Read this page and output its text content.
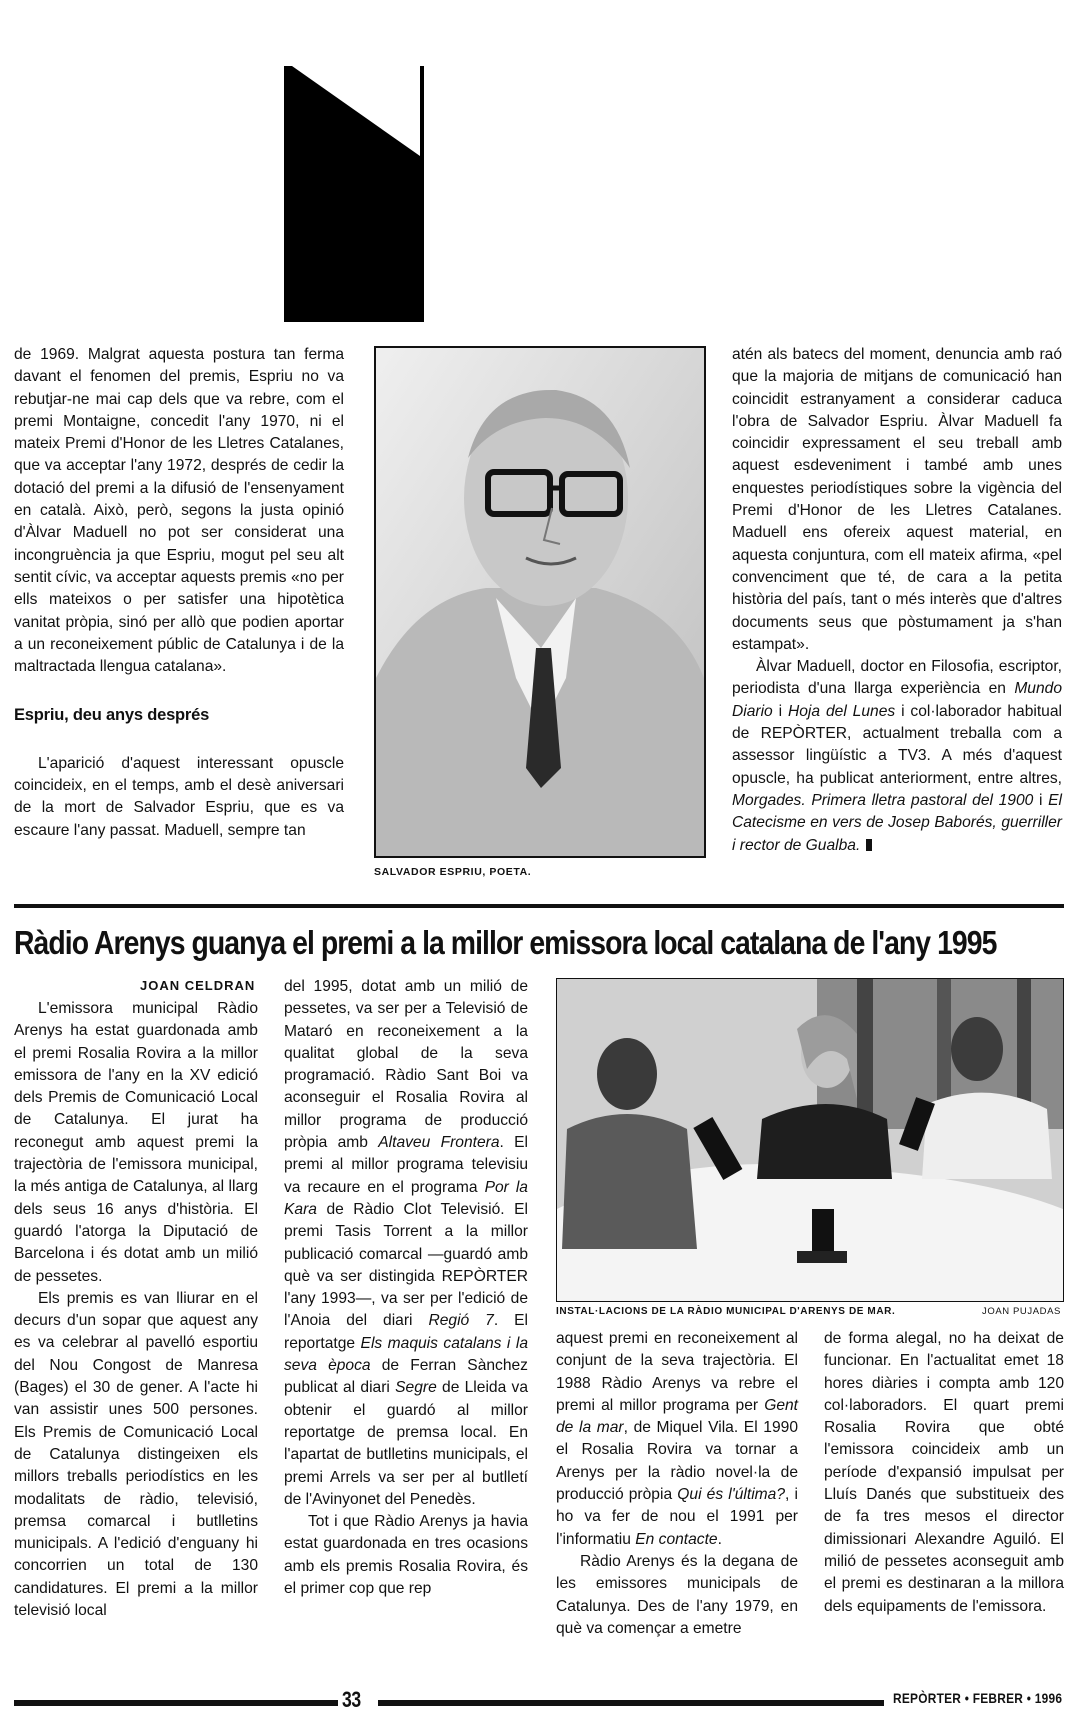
de 1969. Malgrat aquesta postura tan ferma davant el fenomen del premis, Espriu no va rebutjar-ne mai cap dels que va rebre, com el premi Montaigne, concedit l'any 1970, ni el mateix Premi d'Honor de les Lletres Catalanes, que va acceptar l'any 1972, després de cedir la dotació del premi a la difusió de l'ensenyament en català. Això, però, segons la justa opinió d'Àlvar Maduell no pot ser considerat una incongruència ja que Espriu, mogut pel seu alt sentit cívic, va acceptar aquests premis «no per ells mateixos o per satisfer una hipotètica vanitat pròpia, sinó per allò que podien aportar a un reconeixement públic de Catalunya i de la maltractada llengua catalana».

Espriu, deu anys després

L'aparició d'aquest interessant opuscle coincideix, en el temps, amb el desè aniversari de la mort de Salvador Espriu, que es va escaure l'any passat. Maduell, sempre tan

SALVADOR ESPRIU, POETA.

atén als batecs del moment, denuncia amb raó que la majoria de mitjans de comunicació han coincidit estranyament a considerar caduca l'obra de Salvador Espriu. Àlvar Maduell fa coincidir expressament el seu treball amb aquest esdeveniment i també amb unes enquestes periodístiques sobre la vigència del Premi d'Honor de les Lletres Catalanes. Maduell ens ofereix aquest material, en aquesta conjuntura, com ell mateix afirma, «pel convenciment que té, de cara a la petita història del país, tant o més interès que d'altres documents seus que pòstumament ja s'han estampat».

Àlvar Maduell, doctor en Filosofia, escriptor, periodista d'una llarga experiència en Mundo Diario i Hoja del Lunes i col·laborador habitual de REPÒRTER, actualment treballa com a assessor lingüístic a TV3. A més d'aquest opuscle, ha publicat anteriorment, entre altres, Morgades. Primera lletra pastoral del 1900 i El Catecisme en vers de Josep Baborés, guerriller i rector de Gualba.

Ràdio Arenys guanya el premi a la millor emissora local catalana de l'any 1995
JOAN CELDRAN

L'emissora municipal Ràdio Arenys ha estat guardonada amb el premi Rosalia Rovira a la millor emissora de l'any en la XV edició dels Premis de Comunicació Local de Catalunya. El jurat ha reconegut amb aquest premi la trajectòria de l'emissora municipal, la més antiga de Catalunya, al llarg dels seus 16 anys d'història. El guardó l'atorga la Diputació de Barcelona i és dotat amb un milió de pessetes.

Els premis es van lliurar en el decurs d'un sopar que aquest any es va celebrar al pavelló esportiu del Nou Congost de Manresa (Bages) el 30 de gener. A l'acte hi van assistir unes 500 persones. Els Premis de Comunicació Local de Catalunya distingeixen els millors treballs periodístics en les modalitats de ràdio, televisió, premsa comarcal i butlletins municipals. A l'edició d'enguany hi concorrien un total de 130 candidatures. El premi a la millor televisió local

del 1995, dotat amb un milió de pessetes, va ser per a Televisió de Mataró en reconeixement a la qualitat global de la seva programació. Ràdio Sant Boi va aconseguir el Rosalia Rovira al millor programa de producció pròpia amb Altaveu Frontera. El premi al millor programa televisiu va recaure en el programa Por la Kara de Ràdio Clot Televisió. El premi Tasis Torrent a la millor publicació comarcal —guardó amb què va ser distingida REPÒRTER l'any 1993—, va ser per l'edició de l'Anoia del diari Regió 7. El reportatge Els maquis catalans i la seva època de Ferran Sànchez publicat al diari Segre de Lleida va obtenir el guardó al millor reportatge de premsa local. En l'apartat de butlletins municipals, el premi Arrels va ser per al butlletí de l'Avinyonet del Penedès.

Tot i que Ràdio Arenys ja havia estat guardonada en tres ocasions amb els premis Rosalia Rovira, és el primer cop que rep

INSTAL·LACIONS DE LA RÀDIO MUNICIPAL D'ARENYS DE MAR.	JOAN PUJADAS

aquest premi en reconeixement al conjunt de la seva trajectòria. El 1988 Ràdio Arenys va rebre el premi al millor programa per Gent de la mar, de Miquel Vila. El 1990 el Rosalia Rovira va tornar a Arenys per la ràdio novel·la de producció pròpia Qui és l'última?, i ho va fer de nou el 1991 per l'informatiu En contacte.

Ràdio Arenys és la degana de les emissores municipals de Catalunya. Des de l'any 1979, en què va començar a emetre

de forma alegal, no ha deixat de funcionar. En l'actualitat emet 18 hores diàries i compta amb 120 col·laboradors. El quart premi Rosalia Rovira que obté l'emissora coincideix amb un període d'expansió impulsat per Lluís Danés que substitueix des de fa tres mesos el director dimissionari Alexandre Aguiló. El milió de pessetes aconseguit amb el premi es destinaran a la millora dels equipaments de l'emissora.

33	REPÒRTER • FEBRER • 1996
